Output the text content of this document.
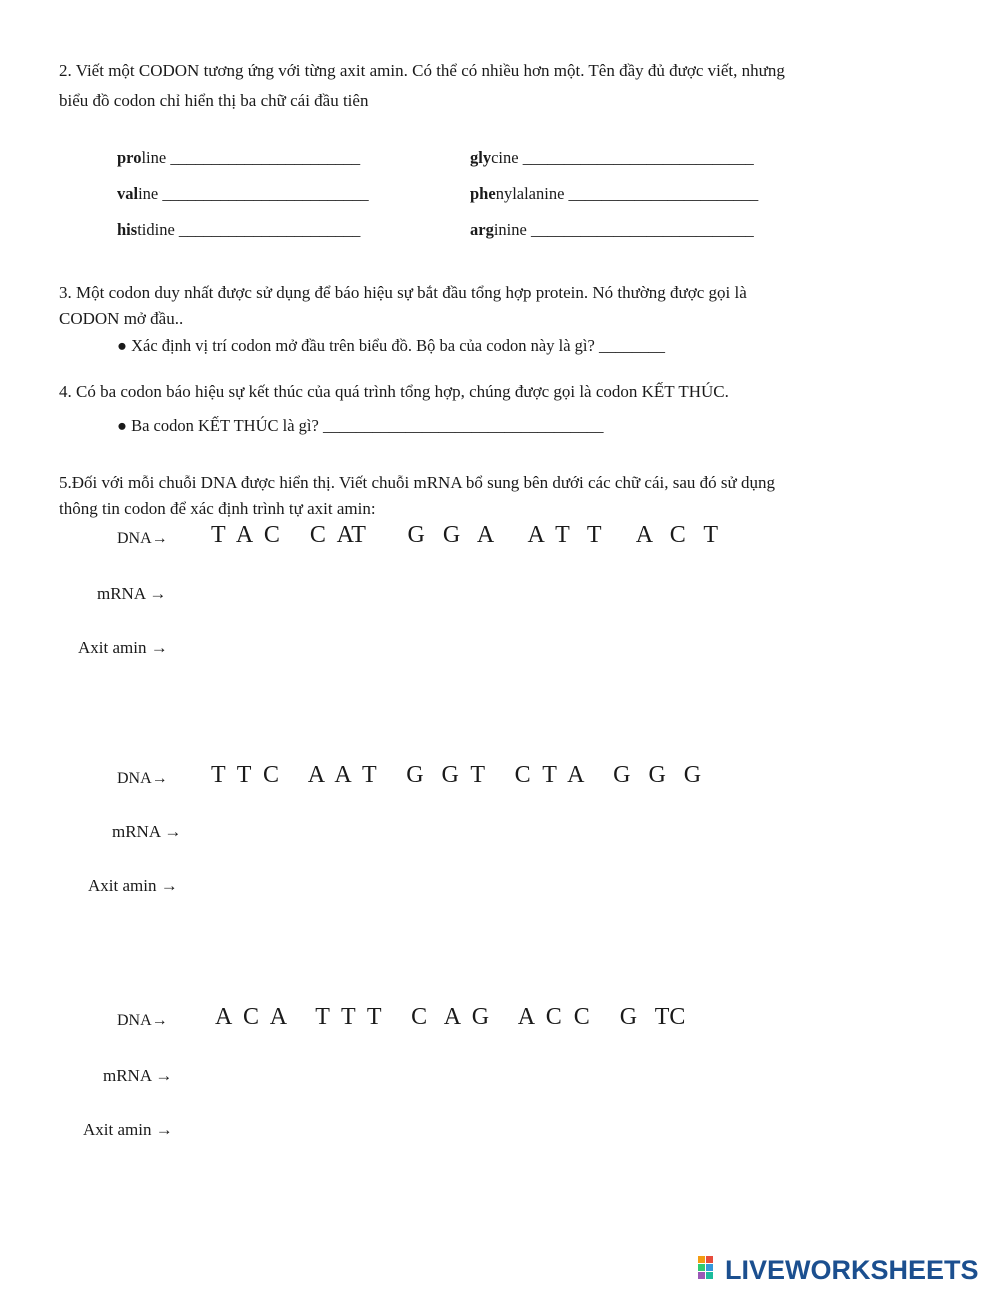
2. Viết một CODON tương ứng với từng axit amin. Có thể có nhiều hơn một. Tên đầy đủ được viết, nhưng
biểu đồ codon chỉ hiển thị ba chữ cái đầu tiên
proline _______________________	glycine ____________________________
valine _________________________	phenylalanine _______________________
histidine ______________________	arginine ___________________________
3. Một codon duy nhất được sử dụng để báo hiệu sự bắt đầu tổng hợp protein. Nó thường được gọi là
CODON mở đầu..
● Xác định vị trí codon mở đầu trên biểu đồ. Bộ ba của codon này là gì? ________
4. Có ba codon báo hiệu sự kết thúc của quá trình tổng hợp, chúng được gọi là codon KẾT THÚC.
● Ba codon KẾT THÚC là gì? __________________________________
5.Đối với mỗi chuỗi DNA được hiển thị. Viết chuỗi mRNA bổ sung bên dưới các chữ cái, sau đó sử dụng
thông tin codon để xác định trình tự axit amin:
DNA→ T  A  C     C  AT       G   G   A      A  T   T      A   C   T
mRNA →
Axit amin →
DNA→ T  T  C     A  A  T     G   G  T     C  T  A     G   G   G
mRNA →
Axit amin →
DNA→ A  C  A     T  T  T     C   A  G     A  C  C     G   TC
mRNA →
Axit amin →
LIVEWORKSHEETS
